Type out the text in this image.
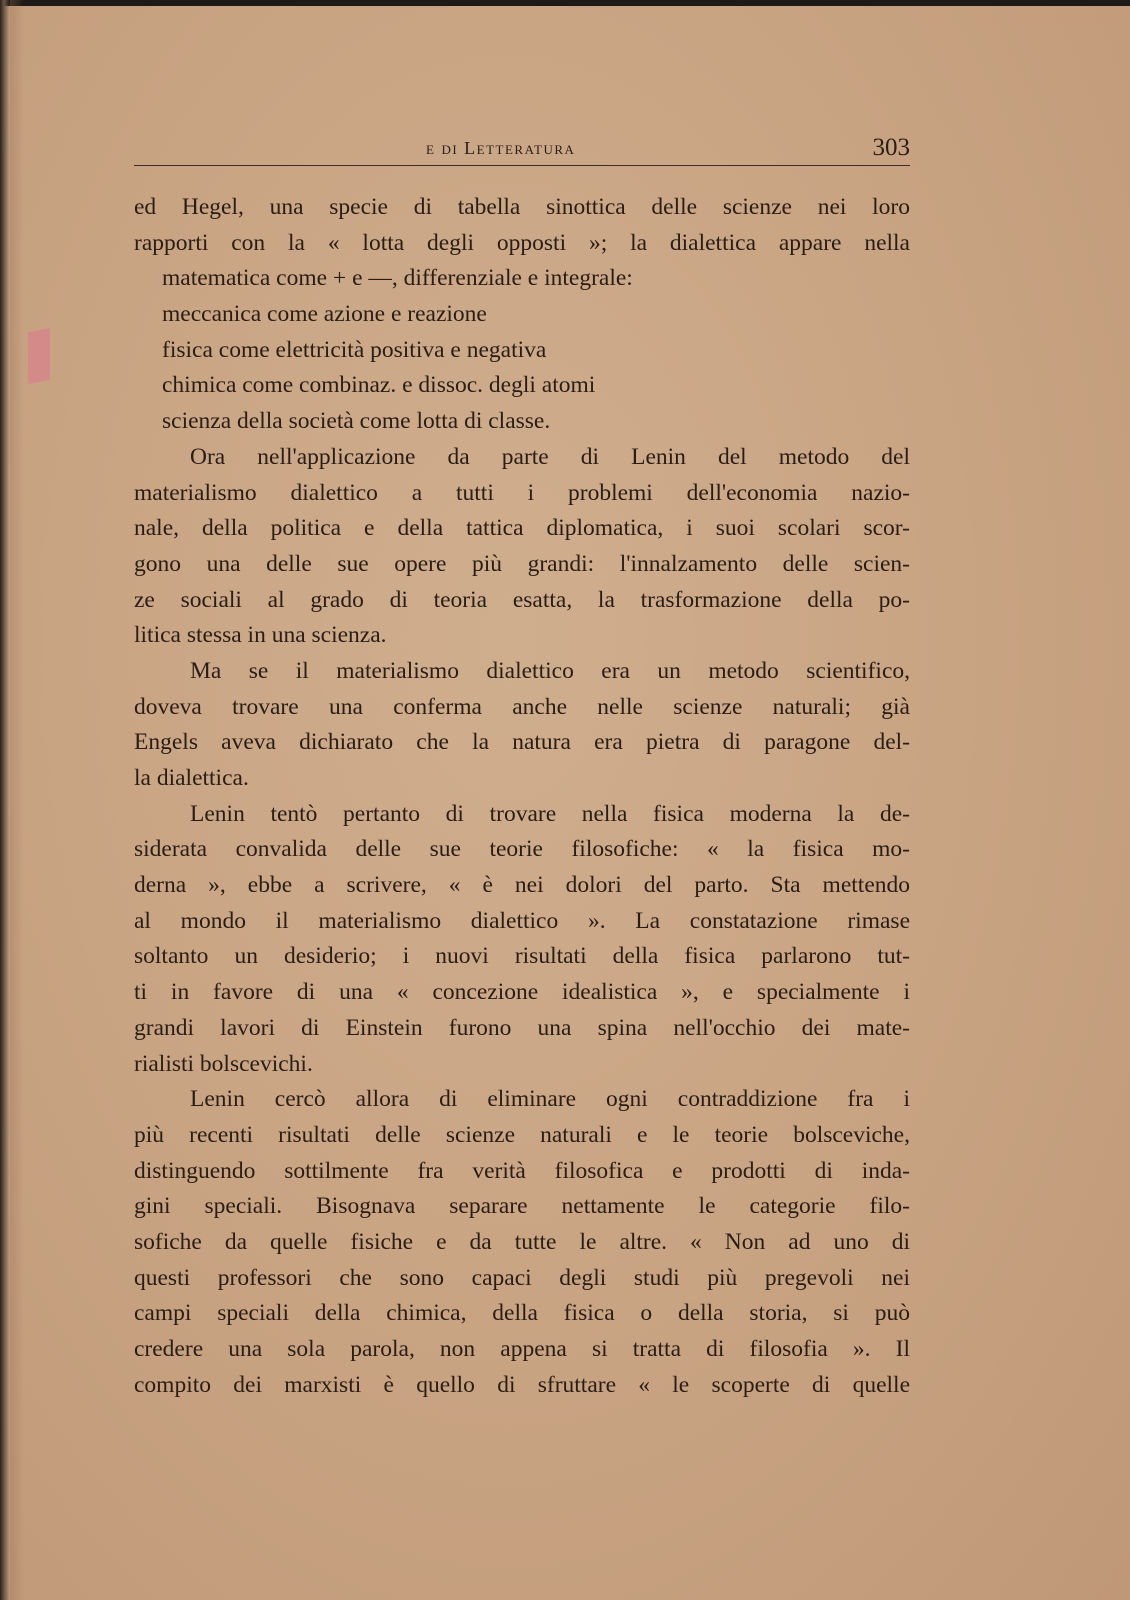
e di Letteratura	303
ed Hegel, una specie di tabella sinottica delle scienze nei loro
rapporti con la « lotta degli opposti »; la dialettica appare nella
matematica come + e —, differenziale e integrale:
meccanica come azione e reazione
fisica come elettricità positiva e negativa
chimica come combinaz. e dissoc. degli atomi
scienza della società come lotta di classe.
Ora nell'applicazione da parte di Lenin del metodo del
materialismo dialettico a tutti i problemi dell'economia nazio-
nale, della politica e della tattica diplomatica, i suoi scolari scor-
gono una delle sue opere più grandi: l'innalzamento delle scien-
ze sociali al grado di teoria esatta, la trasformazione della po-
litica stessa in una scienza.
Ma se il materialismo dialettico era un metodo scientifico,
doveva trovare una conferma anche nelle scienze naturali; già
Engels aveva dichiarato che la natura era pietra di paragone del-
la dialettica.
Lenin tentò pertanto di trovare nella fisica moderna la de-
siderata convalida delle sue teorie filosofiche: « la fisica mo-
derna », ebbe a scrivere, « è nei dolori del parto. Sta mettendo
al mondo il materialismo dialettico ». La constatazione rimase
soltanto un desiderio; i nuovi risultati della fisica parlarono tut-
ti in favore di una « concezione idealistica », e specialmente i
grandi lavori di Einstein furono una spina nell'occhio dei mate-
rialisti bolscevichi.
Lenin cercò allora di eliminare ogni contraddizione fra i
più recenti risultati delle scienze naturali e le teorie bolsceviche,
distinguendo sottilmente fra verità filosofica e prodotti di inda-
gini speciali. Bisognava separare nettamente le categorie filo-
sofiche da quelle fisiche e da tutte le altre. « Non ad uno di
questi professori che sono capaci degli studi più pregevoli nei
campi speciali della chimica, della fisica o della storia, si può
credere una sola parola, non appena si tratta di filosofia ». Il
compito dei marxisti è quello di sfruttare « le scoperte di quelle
